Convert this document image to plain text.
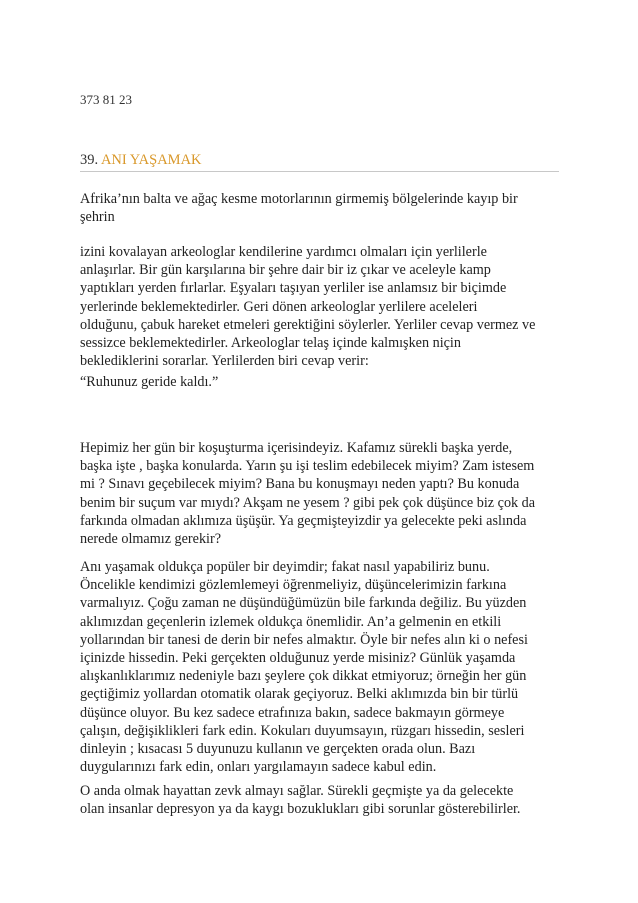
373 81 23
39. ANI YAŞAMAK

Afrika’nın balta ve ağaç kesme motorlarının girmemiş bölgelerinde kayıp bir
şehrin

izini kovalayan arkeologlar kendilerine yardımcı olmaları için yerlilerle
anlaşırlar. Bir gün karşılarına bir şehre dair bir iz çıkar ve aceleyle kamp
yaptıkları yerden fırlarlar. Eşyaları taşıyan yerliler ise anlamsız bir biçimde
yerlerinde beklemektedirler. Geri dönen arkeologlar yerlilere aceleleri
olduğunu, çabuk hareket etmeleri gerektiğini söylerler. Yerliler cevap vermez ve
sessizce beklemektedirler. Arkeologlar telaş içinde kalmışken niçin
beklediklerini sorarlar. Yerlilerden biri cevap verir:

“Ruhunuz geride kaldı.”

Hepimiz her gün bir koşuşturma içerisindeyiz. Kafamız sürekli başka yerde,
başka işte , başka konularda. Yarın şu işi teslim edebilecek miyim? Zam istesem
mi ? Sınavı geçebilecek miyim? Bana bu konuşmayı neden yaptı? Bu konuda
benim bir suçum var mıydı? Akşam ne yesem ? gibi pek çok düşünce biz çok da
farkında olmadan aklımıza üşüşür. Ya geçmişteyizdir ya gelecekte peki aslında
nerede olmamız gerekir?

Anı yaşamak oldukça popüler bir deyimdir; fakat nasıl yapabiliriz bunu.
Öncelikle kendimizi gözlemlemeyi öğrenmeliyiz, düşüncelerimizin farkına
varmalıyız. Çoğu zaman ne düşündüğümüzün bile farkında değiliz. Bu yüzden
aklımızdan geçenlerin izlemek oldukça önemlidir. An’a gelmenin en etkili
yollarından bir tanesi de derin bir nefes almaktır. Öyle bir nefes alın ki o nefesi
içinizde hissedin. Peki gerçekten olduğunuz yerde misiniz? Günlük yaşamda
alışkanlıklarımız nedeniyle bazı şeylere çok dikkat etmiyoruz; örneğin her gün
geçtiğimiz yollardan otomatik olarak geçiyoruz. Belki aklımızda bin bir türlü
düşünce oluyor. Bu kez sadece etrafınıza bakın, sadece bakmayın görmeye
çalışın, değişiklikleri fark edin. Kokuları duyumsayın, rüzgarı hissedin, sesleri
dinleyin ; kısacası 5 duyunuzu kullanın ve gerçekten orada olun. Bazı
duygularınızı fark edin, onları yargılamayın sadece kabul edin.

O anda olmak hayattan zevk almayı sağlar. Sürekli geçmişte ya da gelecekte
olan insanlar depresyon ya da kaygı bozuklukları gibi sorunlar gösterebilirler.
